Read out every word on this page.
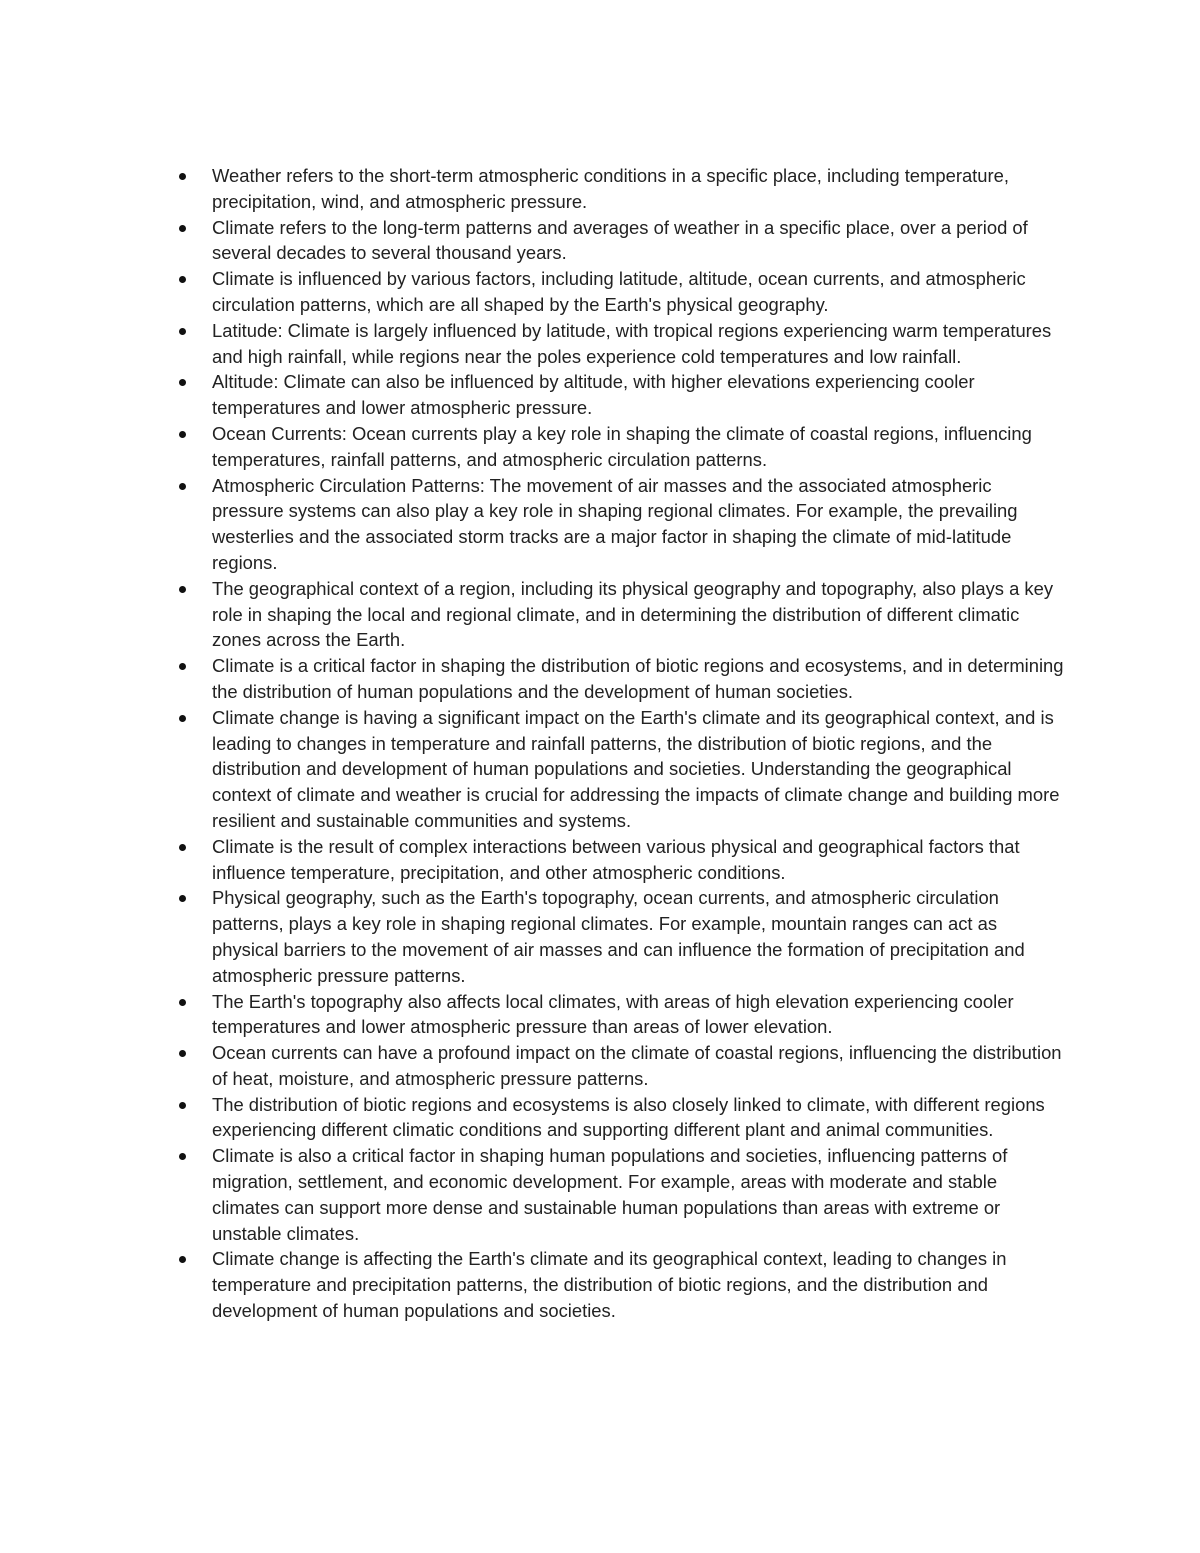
Weather refers to the short-term atmospheric conditions in a specific place, including temperature, precipitation, wind, and atmospheric pressure.
Climate refers to the long-term patterns and averages of weather in a specific place, over a period of several decades to several thousand years.
Climate is influenced by various factors, including latitude, altitude, ocean currents, and atmospheric circulation patterns, which are all shaped by the Earth's physical geography.
Latitude: Climate is largely influenced by latitude, with tropical regions experiencing warm temperatures and high rainfall, while regions near the poles experience cold temperatures and low rainfall.
Altitude: Climate can also be influenced by altitude, with higher elevations experiencing cooler temperatures and lower atmospheric pressure.
Ocean Currents: Ocean currents play a key role in shaping the climate of coastal regions, influencing temperatures, rainfall patterns, and atmospheric circulation patterns.
Atmospheric Circulation Patterns: The movement of air masses and the associated atmospheric pressure systems can also play a key role in shaping regional climates. For example, the prevailing westerlies and the associated storm tracks are a major factor in shaping the climate of mid-latitude regions.
The geographical context of a region, including its physical geography and topography, also plays a key role in shaping the local and regional climate, and in determining the distribution of different climatic zones across the Earth.
Climate is a critical factor in shaping the distribution of biotic regions and ecosystems, and in determining the distribution of human populations and the development of human societies.
Climate change is having a significant impact on the Earth's climate and its geographical context, and is leading to changes in temperature and rainfall patterns, the distribution of biotic regions, and the distribution and development of human populations and societies. Understanding the geographical context of climate and weather is crucial for addressing the impacts of climate change and building more resilient and sustainable communities and systems.
Climate is the result of complex interactions between various physical and geographical factors that influence temperature, precipitation, and other atmospheric conditions.
Physical geography, such as the Earth's topography, ocean currents, and atmospheric circulation patterns, plays a key role in shaping regional climates. For example, mountain ranges can act as physical barriers to the movement of air masses and can influence the formation of precipitation and atmospheric pressure patterns.
The Earth's topography also affects local climates, with areas of high elevation experiencing cooler temperatures and lower atmospheric pressure than areas of lower elevation.
Ocean currents can have a profound impact on the climate of coastal regions, influencing the distribution of heat, moisture, and atmospheric pressure patterns.
The distribution of biotic regions and ecosystems is also closely linked to climate, with different regions experiencing different climatic conditions and supporting different plant and animal communities.
Climate is also a critical factor in shaping human populations and societies, influencing patterns of migration, settlement, and economic development. For example, areas with moderate and stable climates can support more dense and sustainable human populations than areas with extreme or unstable climates.
Climate change is affecting the Earth's climate and its geographical context, leading to changes in temperature and precipitation patterns, the distribution of biotic regions, and the distribution and development of human populations and societies.
